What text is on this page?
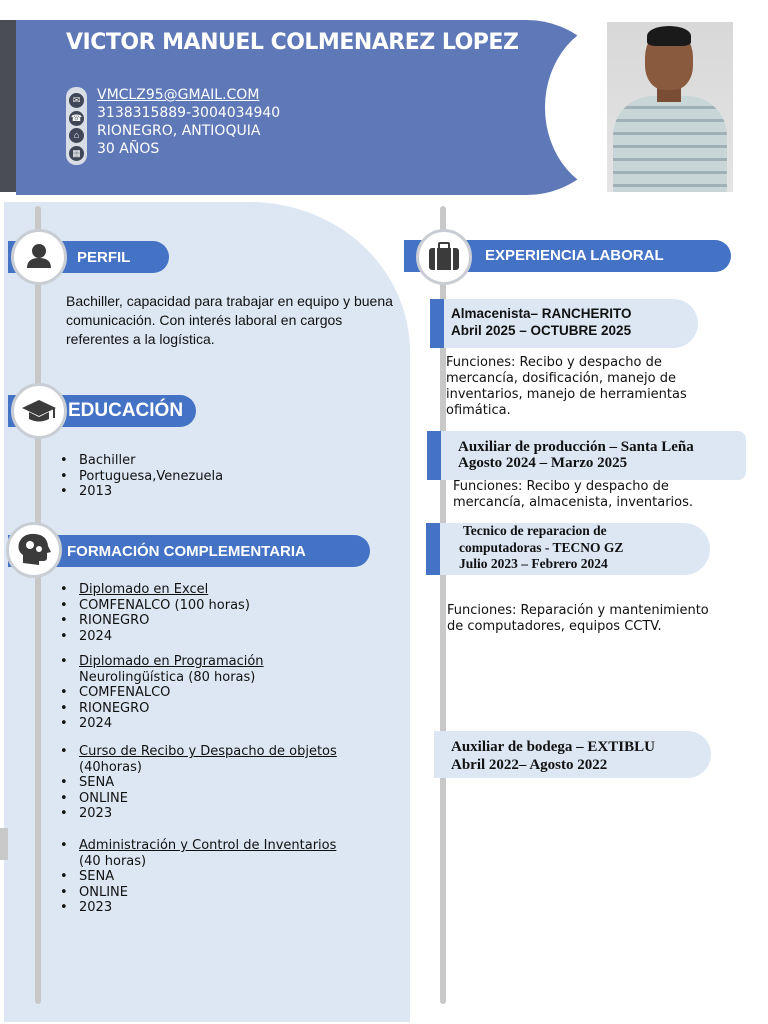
VICTOR MANUEL COLMENAREZ LOPEZ
✉
☎
⌂
▦
VMCLZ95@GMAIL.COM
3138315889-3004034940
RIONEGRO, ANTIOQUIA
30 AÑOS
PERFIL
Bachiller, capacidad para trabajar en equipo y buena comunicación. Con interés laboral en cargos referentes a la logística.
EDUCACIÓN
• Bachiller
• Portuguesa,Venezuela
• 2013
FORMACIÓN COMPLEMENTARIA
• Diplomado en Excel
• COMFENALCO (100 horas)
• RIONEGRO
• 2024
• Diplomado en Programación
Neurolingüística (80 horas)
• COMFENALCO
• RIONEGRO
• 2024
• Curso de Recibo y Despacho de objetos
(40horas)
• SENA
• ONLINE
• 2023
• Administración y Control de Inventarios
(40 horas)
• SENA
• ONLINE
• 2023
EXPERIENCIA LABORAL
Almacenista– RANCHERITO
Abril 2025 – OCTUBRE 2025
Funciones: Recibo y despacho de mercancía, dosificación, manejo de inventarios, manejo de herramientas ofimática.
Auxiliar de producción – Santa Leña
Agosto 2024 – Marzo 2025
Funciones: Recibo y despacho de mercancía, almacenista, inventarios.
Tecnico de reparacion de
computadoras - TECNO GZ
Julio 2023 – Febrero 2024
Funciones: Reparación y mantenimiento de computadores, equipos CCTV.
Auxiliar de bodega – EXTIBLU
Abril 2022– Agosto 2022
